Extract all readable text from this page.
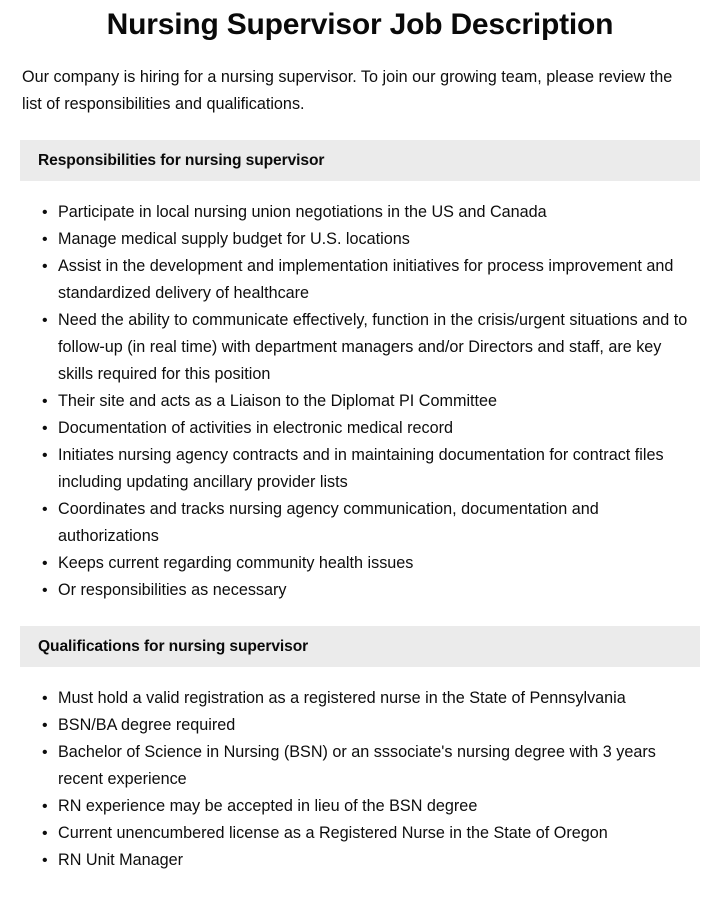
Nursing Supervisor Job Description

Our company is hiring for a nursing supervisor. To join our growing team, please review the list of responsibilities and qualifications.

Responsibilities for nursing supervisor
• Participate in local nursing union negotiations in the US and Canada
• Manage medical supply budget for U.S. locations
• Assist in the development and implementation initiatives for process improvement and standardized delivery of healthcare
• Need the ability to communicate effectively, function in the crisis/urgent situations and to follow-up (in real time) with department managers and/or Directors and staff, are key skills required for this position
• Their site and acts as a Liaison to the Diplomat PI Committee
• Documentation of activities in electronic medical record
• Initiates nursing agency contracts and in maintaining documentation for contract files including updating ancillary provider lists
• Coordinates and tracks nursing agency communication, documentation and authorizations
• Keeps current regarding community health issues
• Or responsibilities as necessary
Qualifications for nursing supervisor
• Must hold a valid registration as a registered nurse in the State of Pennsylvania
• BSN/BA degree required
• Bachelor of Science in Nursing (BSN) or an sssociate's nursing degree with 3 years recent experience
• RN experience may be accepted in lieu of the BSN degree
• Current unencumbered license as a Registered Nurse in the State of Oregon
• RN Unit Manager
